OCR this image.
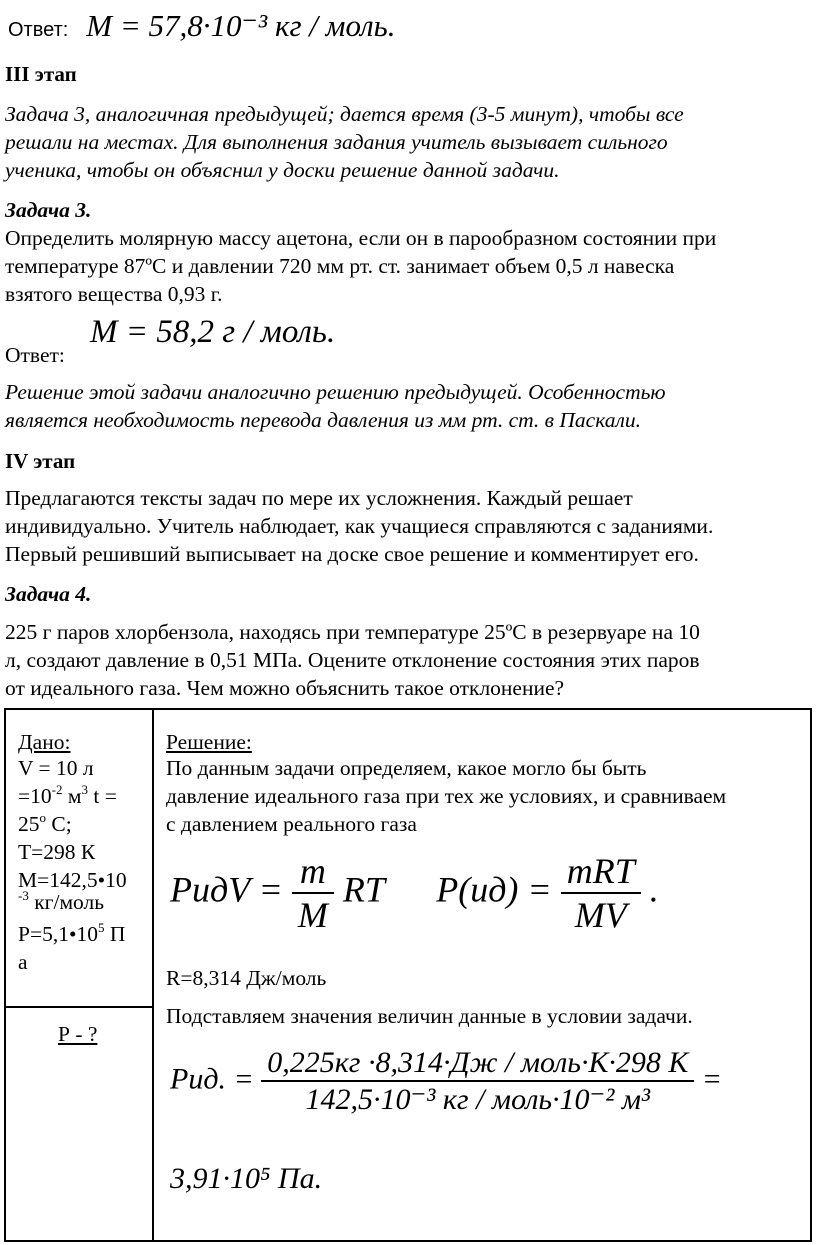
Ответ: M = 57,8·10⁻³ кг / моль.
III этап

Задача 3, аналогичная предыдущей; дается время (3-5 минут), чтобы все

решали на местах. Для выполнения задания учитель вызывает сильного

ученика, чтобы он объяснил у доски решение данной задачи.

Задача 3.

Определить молярную массу ацетона, если он в парообразном состоянии при

температуре 87ºС и давлении 720 мм рт. ст. занимает объем 0,5 л навеска

взятого вещества 0,93 г.

Ответ:
M = 58,2 г / моль.

Решение этой задачи аналогично решению предыдущей. Особенностью

является необходимость перевода давления из мм рт. ст. в Паскали.

IV этап

Предлагаются тексты задач по мере их усложнения. Каждый решает

индивидуально. Учитель наблюдает, как учащиеся справляются с заданиями.

Первый решивший выписывает на доске свое решение и комментирует его.

Задача 4.

225 г паров хлорбензола, находясь при температуре 25ºС в резервуаре на 10

л, создают давление в 0,51 МПа. Оцените отклонение состояния этих паров

от идеального газа. Чем можно объяснить такое отклонение?

Дано:
V = 10 л
$=10^{-2}$ $м^3$ t =
$25^o$ С;
Т=298 К
М=142,5•10
$^{-3}$ кг/моль
$Р=5,1•10^5$ П
а

Решение:

По данным задачи определяем, какое могло бы быть

давление идеального газа при тех же условиях, и сравниваем

с давлением реального газа

PидV = $\frac{m}{M}$ RT $P(ид) = \frac{\text{mRT}}{MV}$ .
R=8,314 Дж/моль
Подставляем значения величин данные в условии задачи.
Pид. = $\frac{\text{0,225кг ·8,314·Дж / моль·К·298 К}}{\text{142,5·10⁻³ кг / моль·10⁻² м³}}$ =
3,91·10⁵ Па.

Р - ?
